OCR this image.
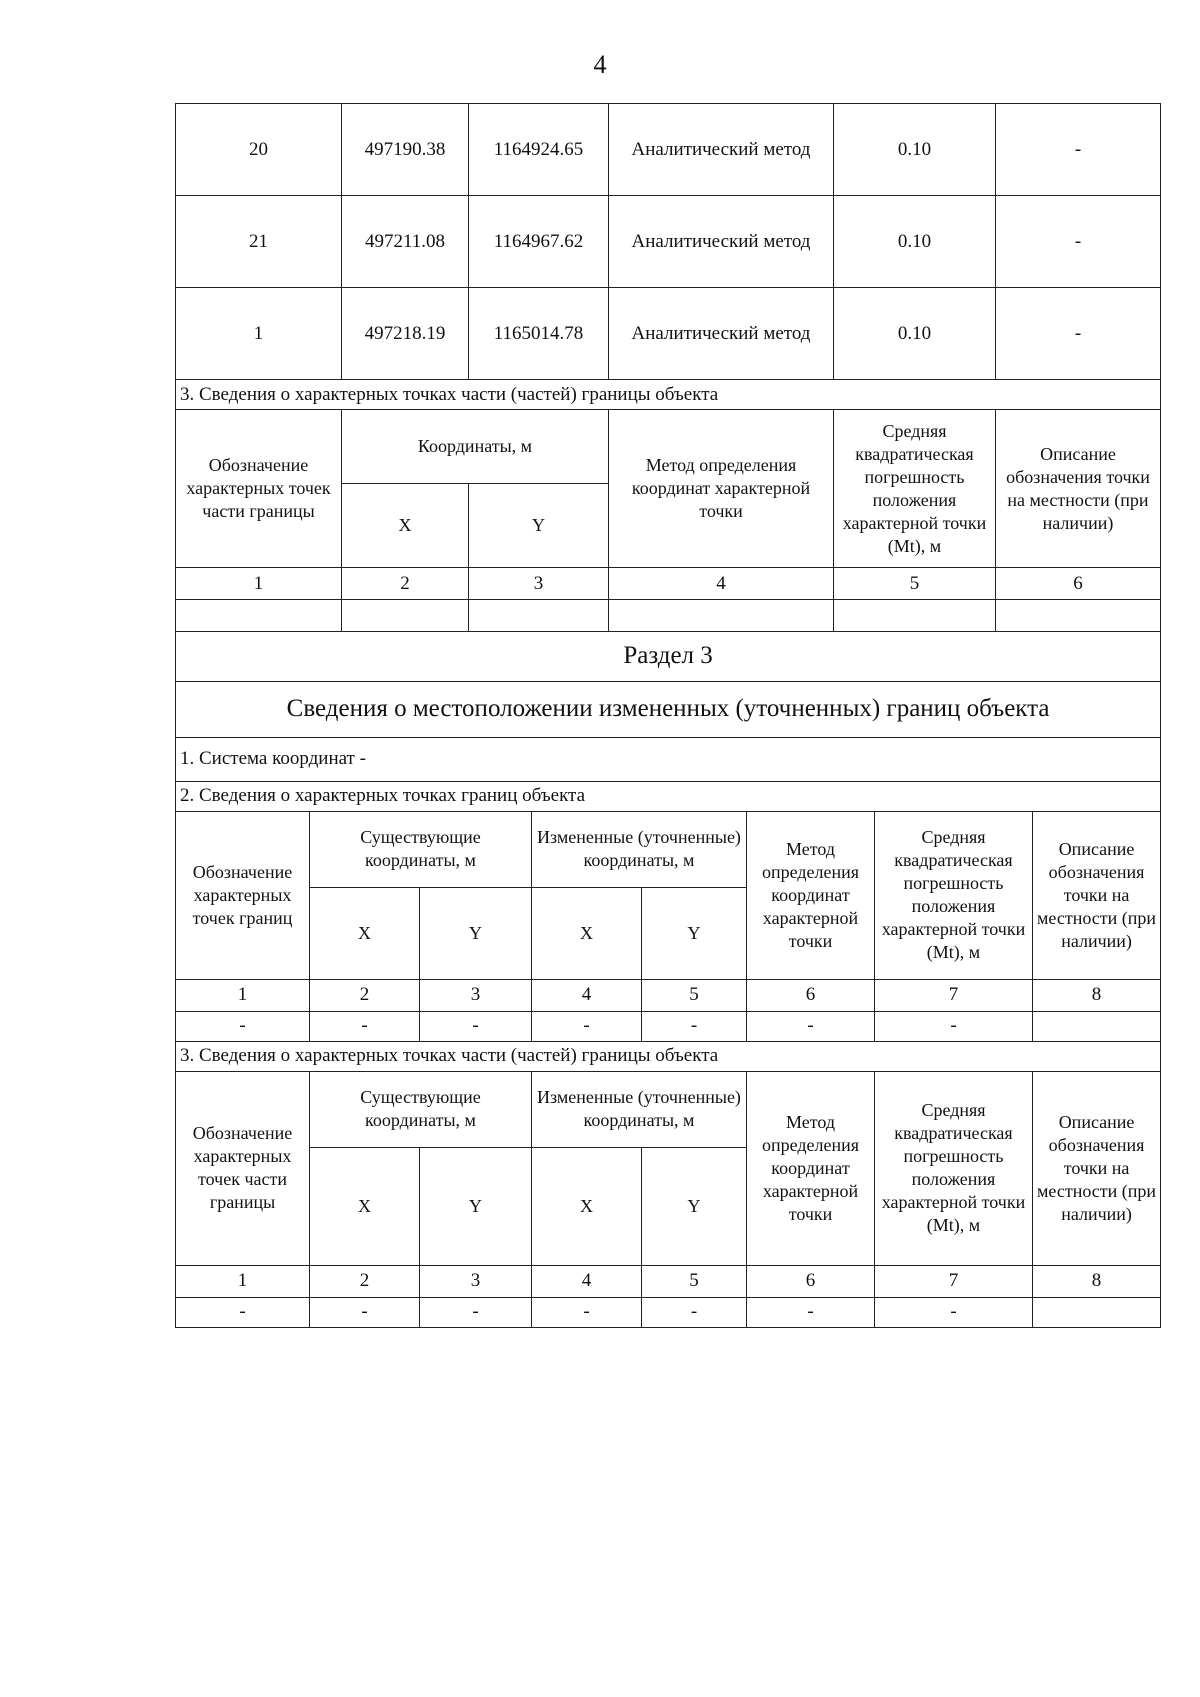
4
20	497190.38	1164924.65	Аналитический метод	0.10	-
21	497211.08	1164967.62	Аналитический метод	0.10	-
1	497218.19	1165014.78	Аналитический метод	0.10	-
3. Сведения о характерных точках части (частей) границы объекта					
Обозначение характерных точек части границы	Координаты, м		Метод определения координат характерной точки	Средняя квадратическая погрешность положения характерной точки (Mt), м	Описание обозначения точки на местности (при наличии)
	X	Y			
1	2	3	4	5	6

Раздел 3							
Сведения о местоположении измененных (уточненных) границ объекта							
1. Система координат -							
2. Сведения о характерных точках границ объекта							
Обозначение характерных точек границ	Существующие координаты, м		Измененные (уточненные) координаты, м		Метод определения координат характерной точки	Средняя квадратическая погрешность положения характерной точки (Mt), м	Описание обозначения точки на местности (при наличии)
	X	Y	X	Y			
1	2	3	4	5	6	7	8
-	-	-	-	-	-	-	
3. Сведения о характерных точках части (частей) границы объекта							
Обозначение характерных точек части границы	Существующие координаты, м		Измененные (уточненные) координаты, м		Метод определения координат характерной точки	Средняя квадратическая погрешность положения характерной точки (Mt), м	Описание обозначения точки на местности (при наличии)
	X	Y	X	Y			
1	2	3	4	5	6	7	8
-	-	-	-	-	-	-	
